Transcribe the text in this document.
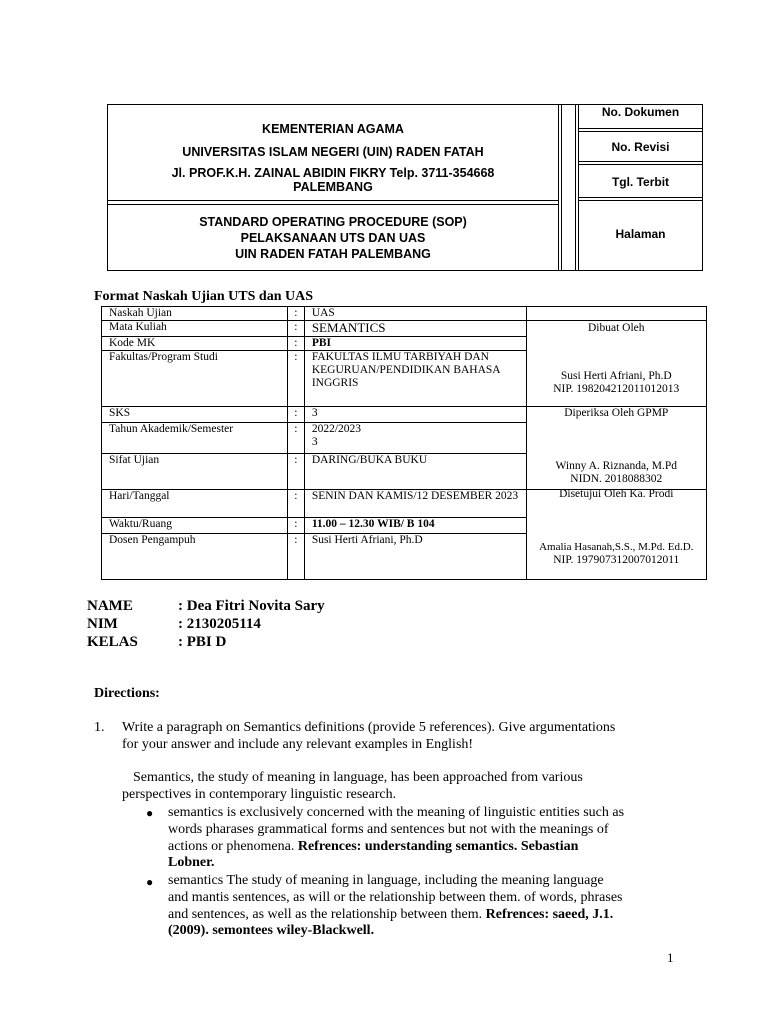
KEMENTERIAN AGAMA
UNIVERSITAS ISLAM NEGERI (UIN) RADEN FATAH
Jl. PROF.K.H. ZAINAL ABIDIN FIKRY Telp. 3711-354668
PALEMBANG
STANDARD OPERATING PROCEDURE (SOP)
PELAKSANAAN UTS DAN UAS
UIN RADEN FATAH PALEMBANG
No. Dokumen
No. Revisi
Tgl. Terbit
Halaman
Format Naskah Ujian UTS dan UAS
Naskah Ujian	:	UAS	
Mata Kuliah	:	SEMANTICS	Dibuat Oleh
Susi Herti Afriani, Ph.D
NIP. 198204212011012013

Kode MK	:	PBI	
Fakultas/Program Studi	:	FAKULTAS ILMU TARBIYAH DAN KEGURUAN/PENDIDIKAN BAHASA INGGRIS	
SKS	:	3	Diperiksa Oleh GPMP
Winny A. Riznanda, M.Pd
NIDN. 2018088302

Tahun Akademik/Semester	:	2022/2023
3	

Sifat Ujian	:	DARING/BUKA BUKU	
Hari/Tanggal	:	SENIN DAN KAMIS/12 DESEMBER 2023	Disetujui Oleh Ka. Prodi
Amalia Hasanah,S.S., M.Pd. Ed.D.
NIP. 197907312007012011

Waktu/Ruang	:	11.00 – 12.30 WIB/ B 104	
Dosen Pengampuh	:	Susi Herti Afriani, Ph.D	
NAME	: Dea Fitri Novita Sary
NIM	: 2130205114
KELAS	: PBI D
Directions:
1. Write a paragraph on Semantics definitions (provide 5 references). Give argumentations
for your answer and include any relevant examples in English!
Semantics, the study of meaning in language, has been approached from various
perspectives in contemporary linguistic research.
● semantics is exclusively concerned with the meaning of linguistic entities such as
words pharases grammatical forms and sentences but not with the meanings of
actions or phenomena. Refrences: understanding semantics. Sebastian
Lobner.
● semantics The study of meaning in language, including the meaning language
and mantis sentences, as will or the relationship between them. of words, phrases
and sentences, as well as the relationship between them. Refrences: saeed, J.1.
(2009). semontees wiley-Blackwell.
1
